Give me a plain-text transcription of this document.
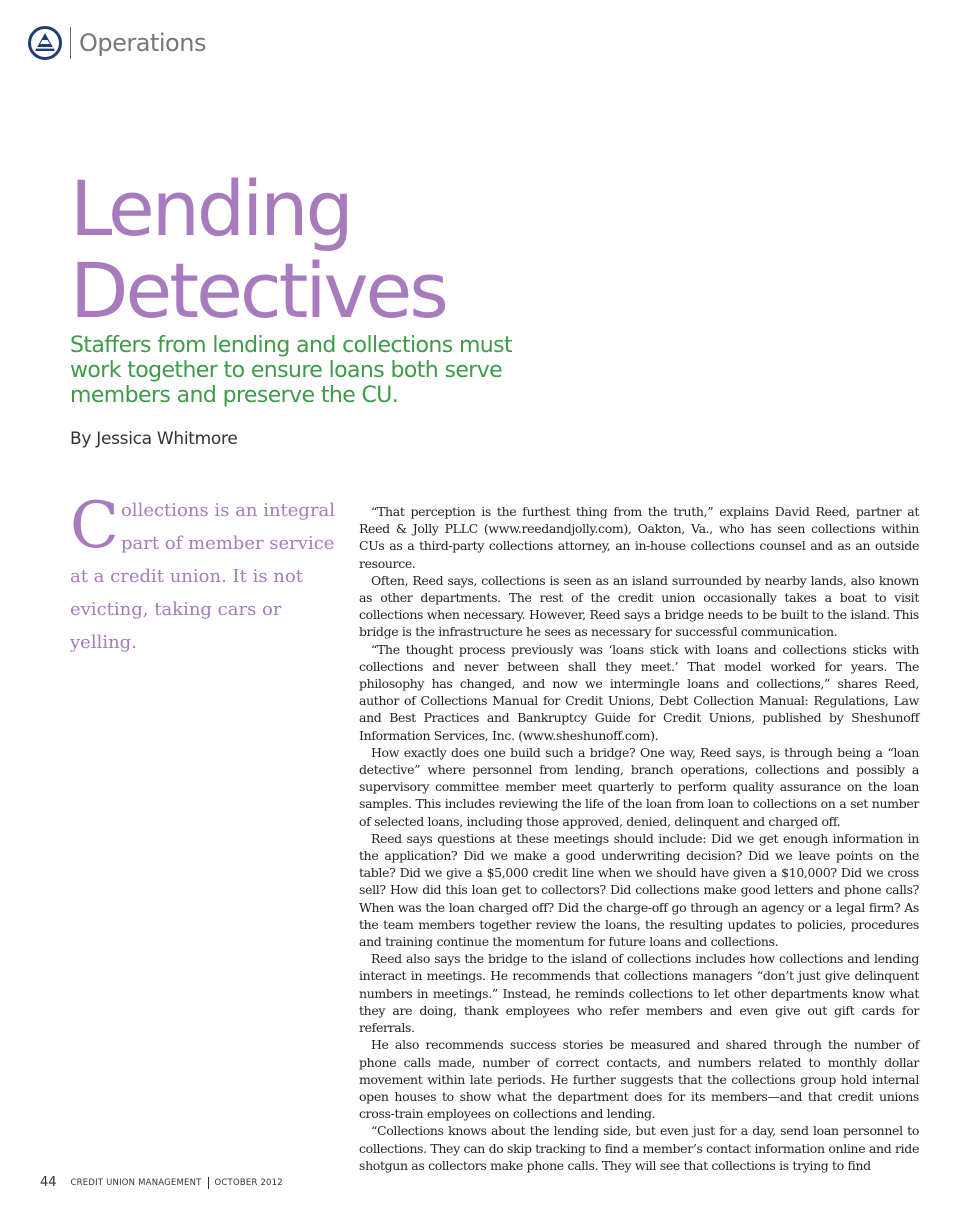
Operations
Lending
Detectives
Staffers from lending and collections must work together to ensure loans both serve members and preserve the CU.
By Jessica Whitmore
C ollections is an integral part of member service at a credit union. It is not evicting, taking cars or yelling.

“That perception is the furthest thing from the truth,” explains David Reed, partner at Reed & Jolly PLLC (www.reedandjolly.com), Oakton, Va., who has seen collections within CUs as a third-party collections attorney, an in-house collections counsel and as an outside resource.

Often, Reed says, collections is seen as an island surrounded by nearby lands, also known as other departments. The rest of the credit union occasionally takes a boat to visit collections when necessary. However, Reed says a bridge needs to be built to the island. This bridge is the infrastructure he sees as necessary for successful communication.

“The thought process previously was ‘loans stick with loans and collections sticks with collections and never between shall they meet.’ That model worked for years. The philosophy has changed, and now we intermingle loans and collections,” shares Reed, author of Collections Manual for Credit Unions, Debt Collection Manual: Regulations, Law and Best Practices and Bankruptcy Guide for Credit Unions, published by Sheshunoff Information Services, Inc. (www.sheshunoff.com).

How exactly does one build such a bridge? One way, Reed says, is through being a “loan detective” where personnel from lending, branch operations, collections and possibly a supervisory committee member meet quarterly to perform quality assurance on the loan samples. This includes reviewing the life of the loan from loan to collections on a set number of selected loans, including those approved, denied, delinquent and charged off.

Reed says questions at these meetings should include: Did we get enough information in the application? Did we make a good underwriting decision? Did we leave points on the table? Did we give a $5,000 credit line when we should have given a $10,000? Did we cross sell? How did this loan get to collectors? Did collections make good letters and phone calls? When was the loan charged off? Did the charge-off go through an agency or a legal firm? As the team members together review the loans, the resulting updates to policies, procedures and training continue the momentum for future loans and collections.

Reed also says the bridge to the island of collections includes how collections and lending interact in meetings. He recommends that collections managers “don’t just give delinquent numbers in meetings.” Instead, he reminds collections to let other departments know what they are doing, thank employees who refer members and even give out gift cards for referrals.

He also recommends success stories be measured and shared through the number of phone calls made, number of correct contacts, and numbers related to monthly dollar movement within late periods. He further suggests that the collections group hold internal open houses to show what the department does for its members—and that credit unions cross-train employees on collections and lending.

“Collections knows about the lending side, but even just for a day, send loan personnel to collections. They can do skip tracking to find a member’s contact information online and ride shotgun as collectors make phone calls. They will see that collections is trying to find

44 CREDIT UNION MANAGEMENT OCTOBER 2012
